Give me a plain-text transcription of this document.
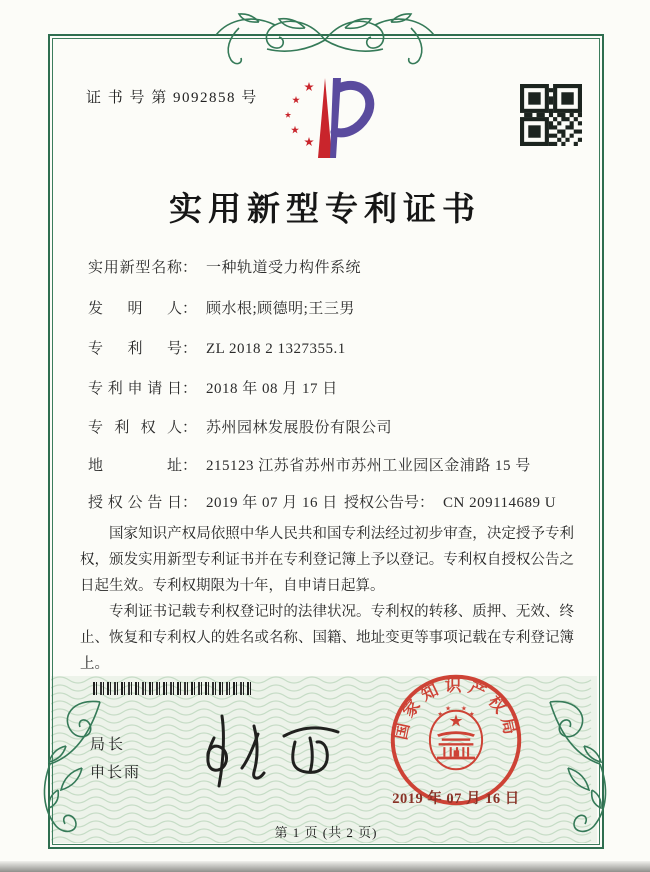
证 书 号 第 9092858 号
实用新型专利证书
实用新型名称： 一种轨道受力构件系统
发明人： 顾水根;顾德明;王三男
专利号： ZL 2018 2 1327355.1
专利申请日： 2018 年 08 月 17 日
专利权人： 苏州园林发展股份有限公司
地址： 215123 江苏省苏州市苏州工业园区金浦路 15 号
授权公告日： 2019 年 07 月 16 日 授权公告号： CN 209114689 U

国家知识产权局依照中华人民共和国专利法经过初步审查，决定授予专利权，颁发实用新型专利证书并在专利登记簿上予以登记。专利权自授权公告之日起生效。专利权期限为十年，自申请日起算。

专利证书记载专利权登记时的法律状况。专利权的转移、质押、无效、终止、恢复和专利权人的姓名或名称、国籍、地址变更等事项记载在专利登记簿上。

局长
申长雨
国家知识产权局
2019 年 07 月 16 日
第 1 页 (共 2 页)
